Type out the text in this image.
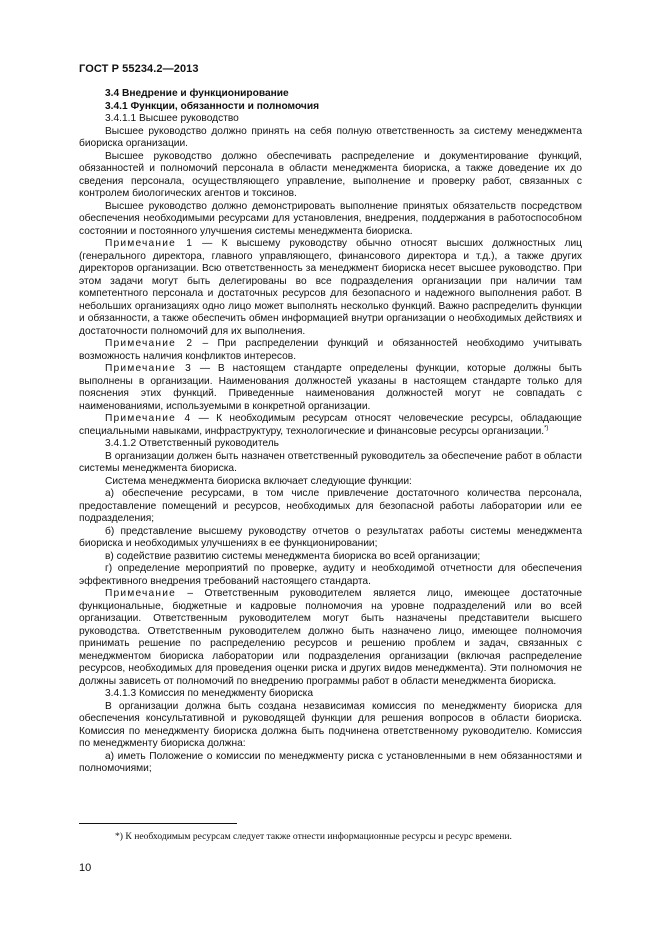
ГОСТ Р 55234.2—2013

3.4 Внедрение и функционирование

3.4.1 Функции, обязанности и полномочия

3.4.1.1 Высшее руководство

Высшее руководство должно принять на себя полную ответственность за систему менеджмента биориска организации.

Высшее руководство должно обеспечивать распределение и документирование функций, обязанностей и полномочий персонала в области менеджмента биориска, а также доведение их до сведения персонала, осуществляющего управление, выполнение и проверку работ, связанных с контролем биологических агентов и токсинов.

Высшее руководство должно демонстрировать выполнение принятых обязательств посредством обеспечения необходимыми ресурсами для установления, внедрения, поддержания в работоспособном состоянии и постоянного улучшения системы менеджмента биориска.

Примечание 1 — К высшему руководству обычно относят высших должностных лиц (генерального директора, главного управляющего, финансового директора и т.д.), а также других директоров организации. Всю ответственность за менеджмент биориска несет высшее руководство. При этом задачи могут быть делегированы во все подразделения организации при наличии там компетентного персонала и достаточных ресурсов для безопасного и надежного выполнения работ. В небольших организациях одно лицо может выполнять несколько функций. Важно распределить функции и обязанности, а также обеспечить обмен информацией внутри организации о необходимых действиях и достаточности полномочий для их выполнения.

Примечание 2 – При распределении функций и обязанностей необходимо учитывать возможность наличия конфликтов интересов.

Примечание 3 — В настоящем стандарте определены функции, которые должны быть выполнены в организации. Наименования должностей указаны в настоящем стандарте только для пояснения этих функций. Приведенные наименования должностей могут не совпадать с наименованиями, используемыми в конкретной организации.

Примечание 4 — К необходимым ресурсам относят человеческие ресурсы, обладающие специальными навыками, инфраструктуру, технологические и финансовые ресурсы организации.*)

3.4.1.2 Ответственный руководитель

В организации должен быть назначен ответственный руководитель за обеспечение работ в области системы менеджмента биориска.

Система менеджмента биориска включает следующие функции:

а) обеспечение ресурсами, в том числе привлечение достаточного количества персонала, предоставление помещений и ресурсов, необходимых для безопасной работы лаборатории или ее подразделения;

б) представление высшему руководству отчетов о результатах работы системы менеджмента биориска и необходимых улучшениях в ее функционировании;

в) содействие развитию системы менеджмента биориска во всей организации;

г) определение мероприятий по проверке, аудиту и необходимой отчетности для обеспечения эффективного внедрения требований настоящего стандарта.

Примечание – Ответственным руководителем является лицо, имеющее достаточные функциональные, бюджетные и кадровые полномочия на уровне подразделений или во всей организации. Ответственным руководителем могут быть назначены представители высшего руководства. Ответственным руководителем должно быть назначено лицо, имеющее полномочия принимать решение по распределению ресурсов и решению проблем и задач, связанных с менеджментом биориска лаборатории или подразделения организации (включая распределение ресурсов, необходимых для проведения оценки риска и других видов менеджмента). Эти полномочия не должны зависеть от полномочий по внедрению программы работ в области менеджмента биориска.

3.4.1.3 Комиссия по менеджменту биориска

В организации должна быть создана независимая комиссия по менеджменту биориска для обеспечения консультативной и руководящей функции для решения вопросов в области биориска. Комиссия по менеджменту биориска должна быть подчинена ответственному руководителю. Комиссия по менеджменту биориска должна:

а) иметь Положение о комиссии по менеджменту риска с установленными в нем обязанностями и полномочиями;

*) К необходимым ресурсам следует также отнести информационные ресурсы и ресурс времени.
10
